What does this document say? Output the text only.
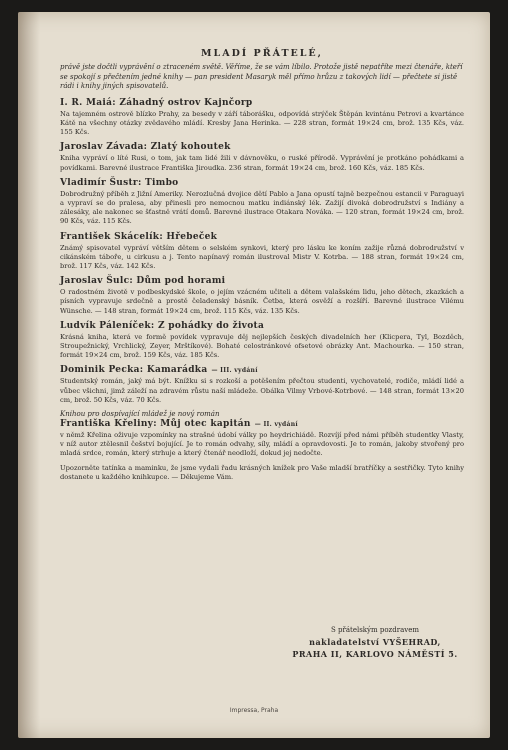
MLADÍ PŘÁTELÉ,

právě jste dočtli vyprávění o ztraceném světě. Věříme, že se vám líbilo. Protože jistě nepatříte mezi čtenáře, kteří se spokojí s přečtením jedné knihy — pan president Masaryk měl přímo hrůzu z takových lidí — přečtete si jistě rádi i knihy jiných spisovatelů.

I. R. Maiá: Záhadný ostrov Kajnčorp

Na tajemném ostrově blízko Prahy, za besedy v září táborášku, odpovídá strýček Štěpán kvintánu Petrovi a kvartánce Kátě na všechny otázky zvědavého mládí. Kresby Jana Herinka. — 228 stran, formát 19×24 cm, brož. 135 Kčs, váz. 155 Kčs.

Jaroslav Závada: Zlatý kohoutek

Kniha vypráví o líté Rusi, o tom, jak tam lidé žili v dávnověku, o ruské přírodě. Vyprávění je protkáno pohádkami a povídkami. Barevné ilustrace Františka Jiroudka. 236 stran, formát 19×24 cm, brož. 160 Kčs, váz. 185 Kčs.

Vladimír Šustr: Timbo

Dobrodružný příběh z Jižní Ameriky. Nerozlučná dvojice dětí Pablo a Jana opustí tajně bezpečnou estancii v Paraguayi a vypraví se do pralesa, aby přinesli pro nemocnou matku indiánský lék. Zažijí divoká dobrodružství s Indiány a zálesáky, ale nakonec se šťastně vrátí domů. Barevné ilustrace Otakara Nováka. — 120 stran, formát 19×24 cm, brož. 90 Kčs, váz. 115 Kčs.

František Skácelík: Hřebeček

Známý spisovatel vypráví větším dětem o selském synkovi, který pro lásku ke koním zažije různá dobrodružství v cikánském táboře, u cirkusu a j. Tento napínavý román ilustroval Mistr V. Kotrba. — 188 stran, formát 19×24 cm, brož. 117 Kčs, váz. 142 Kčs.

Jaroslav Šulc: Dům pod horami

O radostném životě v podbeskydské škole, o jejím vzácném učiteli a dětem valašském lidu, jeho dětech, zkazkách a písních vypravuje srdečně a prostě čeladenský básník. Četba, která osvěží a rozšíří. Barevné ilustrace Vilému Wünsche. — 148 stran, formát 19×24 cm, brož. 115 Kčs, váz. 135 Kčs.

Ludvík Páleníček: Z pohádky do života

Krásná kniha, která ve formě povídek vypravuje děj nejlepších českých divadelních her (Klicpera, Tyl, Bozděch, Stroupežnický, Vrchlický, Zeyer, Mrštíkové). Bohaté celostránkové ofsetové obrázky Ant. Machourka. — 150 stran, formát 19×24 cm, brož. 159 Kčs, váz. 185 Kčs.

Dominik Pecka: Kamarádka — III. vydání

Studentský román, jaký má být. Knížku si s rozkoší a potěšením přečtou studenti, vychovatelé, rodiče, mládí lidé a vůbec všichni, jimž záleží na zdravém růstu naší mládeže. Obálka Vilmy Vrbové-Kotrbové. — 148 stran, formát 13×20 cm, brož. 50 Kčs, váz. 70 Kčs.

Knihou pro dospívající mládež je nový román
Františka Křeliny: Můj otec kapitán — II. vydání

v němž Křelina oživuje vzpomínky na strašné údobí války po heydrichiádě. Rozvíjí před námi příběh studentky Vlasty, v níž autor ztělesnil češství bojující. Je to román odvahy, síly, mládí a opravdovosti. Je to román, jakoby stvořený pro mladá srdce, román, který strhuje a který čtenář neodloží, dokud jej nedočte.

Upozorněte tatínka a maminku, že jsme vydali řadu krásných knížek pro Vaše mladší bratříčky a sestřičky. Tyto knihy dostanete u každého knihkupce. — Děkujeme Vám.

S přátelským pozdravem
nakladatelství VYŠEHRAD,
PRAHA II, KARLOVO NÁMĚSTÍ 5.
Impressa, Praha
